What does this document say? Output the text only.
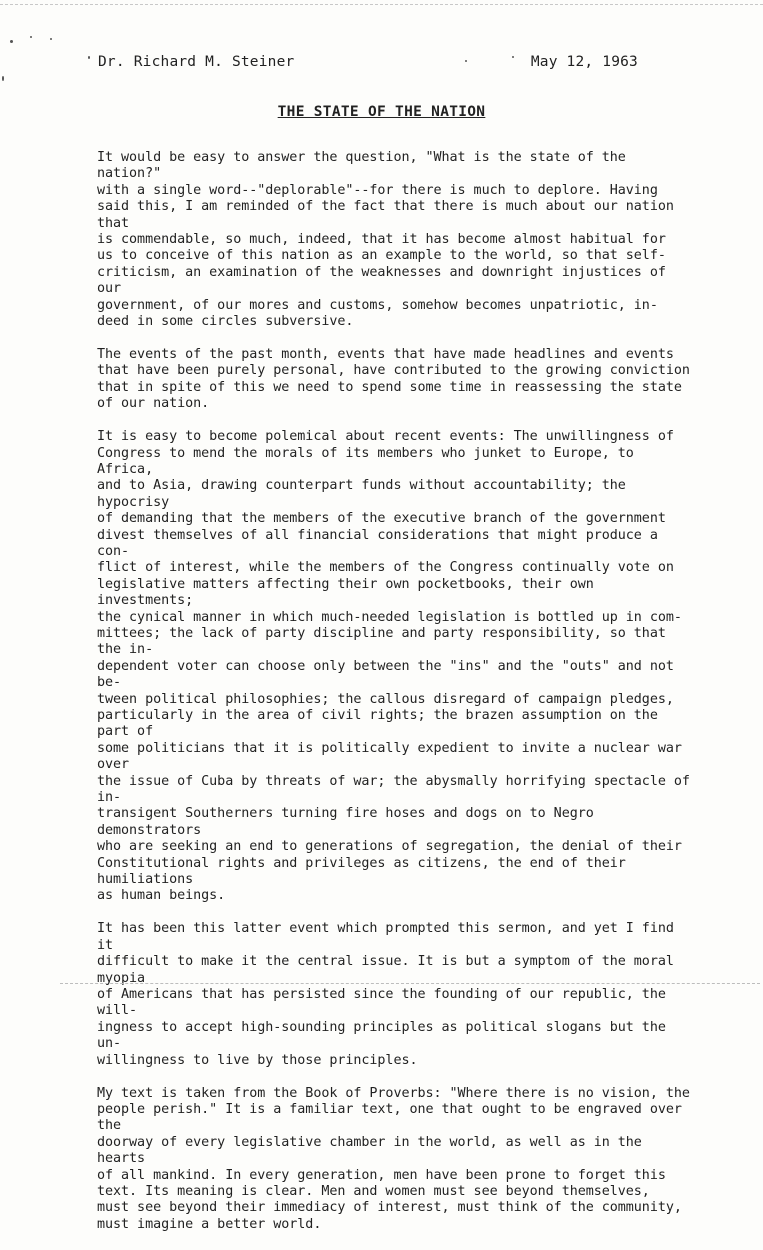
Dr. Richard M. Steiner	May 12, 1963
THE STATE OF THE NATION

It would be easy to answer the question, "What is the state of the nation?"
with a single word--"deplorable"--for there is much to deplore. Having
said this, I am reminded of the fact that there is much about our nation that
is commendable, so much, indeed, that it has become almost habitual for
us to conceive of this nation as an example to the world, so that self-
criticism, an examination of the weaknesses and downright injustices of our
government, of our mores and customs, somehow becomes unpatriotic, in-
deed in some circles subversive.

The events of the past month, events that have made headlines and events
that have been purely personal, have contributed to the growing conviction
that in spite of this we need to spend some time in reassessing the state
of our nation.

It is easy to become polemical about recent events: The unwillingness of
Congress to mend the morals of its members who junket to Europe, to Africa,
and to Asia, drawing counterpart funds without accountability; the hypocrisy
of demanding that the members of the executive branch of the government
divest themselves of all financial considerations that might produce a con-
flict of interest, while the members of the Congress continually vote on
legislative matters affecting their own pocketbooks, their own investments;
the cynical manner in which much-needed legislation is bottled up in com-
mittees; the lack of party discipline and party responsibility, so that the in-
dependent voter can choose only between the "ins" and the "outs" and not be-
tween political philosophies; the callous disregard of campaign pledges,
particularly in the area of civil rights; the brazen assumption on the part of
some politicians that it is politically expedient to invite a nuclear war over
the issue of Cuba by threats of war; the abysmally horrifying spectacle of in-
transigent Southerners turning fire hoses and dogs on to Negro demonstrators
who are seeking an end to generations of segregation, the denial of their
Constitutional rights and privileges as citizens, the end of their humiliations
as human beings.

It has been this latter event which prompted this sermon, and yet I find it
difficult to make it the central issue. It is but a symptom of the moral myopia
of Americans that has persisted since the founding of our republic, the will-
ingness to accept high-sounding principles as political slogans but the un-
willingness to live by those principles.

My text is taken from the Book of Proverbs: "Where there is no vision, the
people perish." It is a familiar text, one that ought to be engraved over the
doorway of every legislative chamber in the world, as well as in the hearts
of all mankind. In every generation, men have been prone to forget this
text. Its meaning is clear. Men and women must see beyond themselves,
must see beyond their immediacy of interest, must think of the community,
must imagine a better world.
